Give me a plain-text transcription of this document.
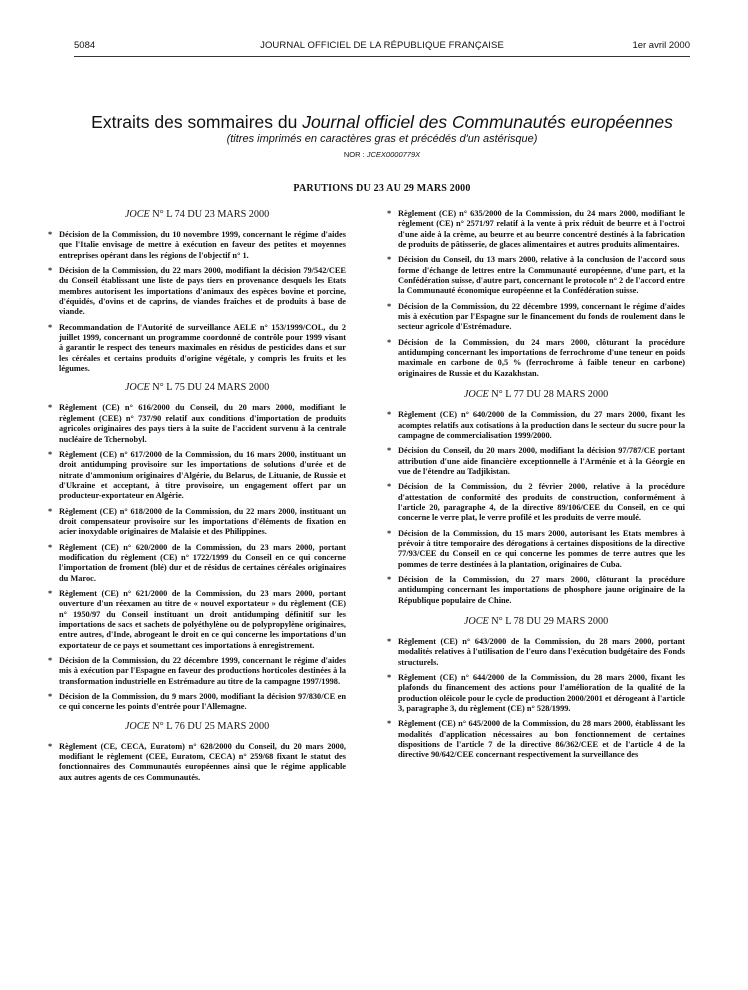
5084	JOURNAL OFFICIEL DE LA RÉPUBLIQUE FRANÇAISE	1er avril 2000
Extraits des sommaires du Journal officiel des Communautés européennes
(titres imprimés en caractères gras et précédés d'un astérisque)
NOR : JCEX0000779X
PARUTIONS DU 23 AU 29 MARS 2000
JOCE N° L 74 DU 23 MARS 2000
* Décision de la Commission, du 10 novembre 1999, concernant le régime d'aides que l'Italie envisage de mettre à exécution en faveur des petites et moyennes entreprises opérant dans les régions de l'objectif n° 1.
* Décision de la Commission, du 22 mars 2000, modifiant la décision 79/542/CEE du Conseil établissant une liste de pays tiers en provenance desquels les Etats membres autorisent les importations d'animaux des espèces bovine et porcine, d'équidés, d'ovins et de caprins, de viandes fraîches et de produits à base de viande.
* Recommandation de l'Autorité de surveillance AELE n° 153/1999/COL, du 2 juillet 1999, concernant un programme coordonné de contrôle pour 1999 visant à garantir le respect des teneurs maximales en résidus de pesticides dans et sur les céréales et certains produits d'origine végétale, y compris les fruits et les légumes.
JOCE N° L 75 DU 24 MARS 2000
* Règlement (CE) n° 616/2000 du Conseil, du 20 mars 2000, modifiant le règlement (CEE) n° 737/90 relatif aux conditions d'importation de produits agricoles originaires des pays tiers à la suite de l'accident survenu à la centrale nucléaire de Tchernobyl.
* Règlement (CE) n° 617/2000 de la Commission, du 16 mars 2000, instituant un droit antidumping provisoire sur les importations de solutions d'urée et de nitrate d'ammonium originaires d'Algérie, du Belarus, de Lituanie, de Russie et d'Ukraine et acceptant, à titre provisoire, un engagement offert par un producteur-exportateur en Algérie.
* Règlement (CE) n° 618/2000 de la Commission, du 22 mars 2000, instituant un droit compensateur provisoire sur les importations d'éléments de fixation en acier inoxydable originaires de Malaisie et des Philippines.
* Règlement (CE) n° 620/2000 de la Commission, du 23 mars 2000, portant modification du règlement (CE) n° 1722/1999 du Conseil en ce qui concerne l'importation de froment (blé) dur et de résidus de certaines céréales originaires du Maroc.
* Règlement (CE) n° 621/2000 de la Commission, du 23 mars 2000, portant ouverture d'un réexamen au titre de « nouvel exportateur » du règlement (CE) n° 1950/97 du Conseil instituant un droit antidumping définitif sur les importations de sacs et sachets de polyéthylène ou de polypropylène originaires, entre autres, d'Inde, abrogeant le droit en ce qui concerne les importations d'un exportateur de ce pays et soumettant ces importations à enregistrement.
* Décision de la Commission, du 22 décembre 1999, concernant le régime d'aides mis à exécution par l'Espagne en faveur des productions horticoles destinées à la transformation industrielle en Estrémadure au titre de la campagne 1997/1998.
* Décision de la Commission, du 9 mars 2000, modifiant la décision 97/830/CE en ce qui concerne les points d'entrée pour l'Allemagne.
JOCE N° L 76 DU 25 MARS 2000
* Règlement (CE, CECA, Euratom) n° 628/2000 du Conseil, du 20 mars 2000, modifiant le règlement (CEE, Euratom, CECA) n° 259/68 fixant le statut des fonctionnaires des Communautés européennes ainsi que le régime applicable aux autres agents de ces Communautés.
* Règlement (CE) n° 635/2000 de la Commission, du 24 mars 2000, modifiant le règlement (CE) n° 2571/97 relatif à la vente à prix réduit de beurre et à l'octroi d'une aide à la crème, au beurre et au beurre concentré destinés à la fabrication de produits de pâtisserie, de glaces alimentaires et autres produits alimentaires.
* Décision du Conseil, du 13 mars 2000, relative à la conclusion de l'accord sous forme d'échange de lettres entre la Communauté européenne, d'une part, et la Confédération suisse, d'autre part, concernant le protocole n° 2 de l'accord entre la Communauté économique européenne et la Confédération suisse.
* Décision de la Commission, du 22 décembre 1999, concernant le régime d'aides mis à exécution par l'Espagne sur le financement du fonds de roulement dans le secteur agricole d'Estrémadure.
* Décision de la Commission, du 24 mars 2000, clôturant la procédure antidumping concernant les importations de ferrochrome d'une teneur en poids maximale en carbone de 0,5 % (ferrochrome à faible teneur en carbone) originaires de Russie et du Kazakhstan.
JOCE N° L 77 DU 28 MARS 2000
* Règlement (CE) n° 640/2000 de la Commission, du 27 mars 2000, fixant les acomptes relatifs aux cotisations à la production dans le secteur du sucre pour la campagne de commercialisation 1999/2000.
* Décision du Conseil, du 20 mars 2000, modifiant la décision 97/787/CE portant attribution d'une aide financière exceptionnelle à l'Arménie et à la Géorgie en vue de l'étendre au Tadjikistan.
* Décision de la Commission, du 2 février 2000, relative à la procédure d'attestation de conformité des produits de construction, conformément à l'article 20, paragraphe 4, de la directive 89/106/CEE du Conseil, en ce qui concerne le verre plat, le verre profilé et les produits de verre moulé.
* Décision de la Commission, du 15 mars 2000, autorisant les Etats membres à prévoir à titre temporaire des dérogations à certaines dispositions de la directive 77/93/CEE du Conseil en ce qui concerne les pommes de terre autres que les pommes de terre destinées à la plantation, originaires de Cuba.
* Décision de la Commission, du 27 mars 2000, clôturant la procédure antidumping concernant les importations de phosphore jaune originaire de la République populaire de Chine.
JOCE N° L 78 DU 29 MARS 2000
* Règlement (CE) n° 643/2000 de la Commission, du 28 mars 2000, portant modalités relatives à l'utilisation de l'euro dans l'exécution budgétaire des Fonds structurels.
* Règlement (CE) n° 644/2000 de la Commission, du 28 mars 2000, fixant les plafonds du financement des actions pour l'amélioration de la qualité de la production oléicole pour le cycle de production 2000/2001 et dérogeant à l'article 3, paragraphe 3, du règlement (CE) n° 528/1999.
* Règlement (CE) n° 645/2000 de la Commission, du 28 mars 2000, établissant les modalités d'application nécessaires au bon fonctionnement de certaines dispositions de l'article 7 de la directive 86/362/CEE et de l'article 4 de la directive 90/642/CEE concernant respectivement la surveillance des
